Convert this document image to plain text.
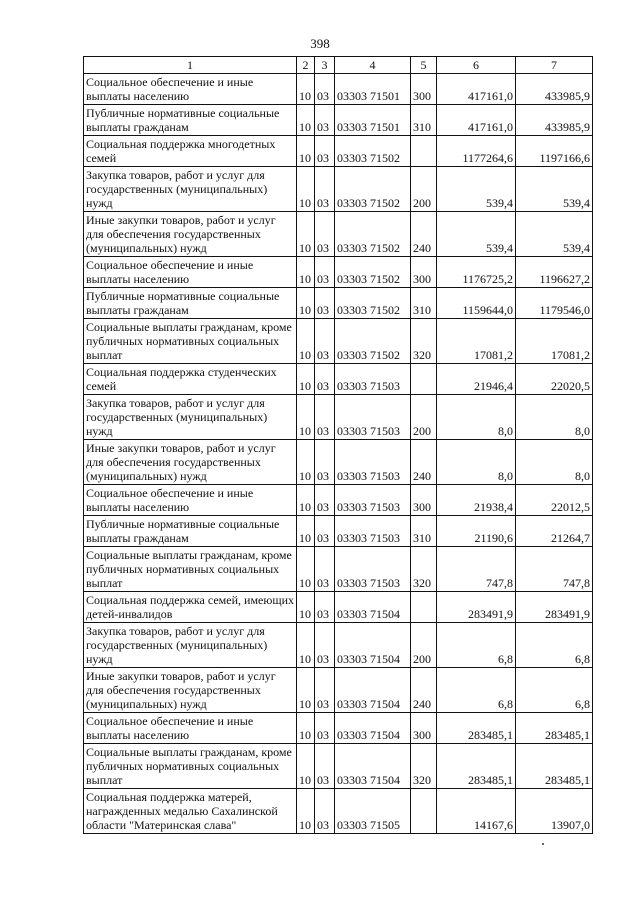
398
1	2	3	4	5	6	7
Социальное обеспечение и иные выплаты населению	10	03	03303 71501	300	417161,0	433985,9
Публичные нормативные социальные выплаты гражданам	10	03	03303 71501	310	417161,0	433985,9
Социальная поддержка многодетных семей	10	03	03303 71502		1177264,6	1197166,6
Закупка товаров, работ и услуг для государственных (муниципальных) нужд	10	03	03303 71502	200	539,4	539,4
Иные закупки товаров, работ и услуг для обеспечения государственных (муниципальных) нужд	10	03	03303 71502	240	539,4	539,4
Социальное обеспечение и иные выплаты населению	10	03	03303 71502	300	1176725,2	1196627,2
Публичные нормативные социальные выплаты гражданам	10	03	03303 71502	310	1159644,0	1179546,0
Социальные выплаты гражданам, кроме публичных нормативных социальных выплат	10	03	03303 71502	320	17081,2	17081,2
Социальная поддержка студенческих семей	10	03	03303 71503		21946,4	22020,5
Закупка товаров, работ и услуг для государственных (муниципальных) нужд	10	03	03303 71503	200	8,0	8,0
Иные закупки товаров, работ и услуг для обеспечения государственных (муниципальных) нужд	10	03	03303 71503	240	8,0	8,0
Социальное обеспечение и иные выплаты населению	10	03	03303 71503	300	21938,4	22012,5
Публичные нормативные социальные выплаты гражданам	10	03	03303 71503	310	21190,6	21264,7
Социальные выплаты гражданам, кроме публичных нормативных социальных выплат	10	03	03303 71503	320	747,8	747,8
Социальная поддержка семей, имеющих детей-инвалидов	10	03	03303 71504		283491,9	283491,9
Закупка товаров, работ и услуг для государственных (муниципальных) нужд	10	03	03303 71504	200	6,8	6,8
Иные закупки товаров, работ и услуг для обеспечения государственных (муниципальных) нужд	10	03	03303 71504	240	6,8	6,8
Социальное обеспечение и иные выплаты населению	10	03	03303 71504	300	283485,1	283485,1
Социальные выплаты гражданам, кроме публичных нормативных социальных выплат	10	03	03303 71504	320	283485,1	283485,1
Социальная поддержка матерей, награжденных медалью Сахалинской области "Материнская слава"	10	03	03303 71505		14167,6	13907,0
